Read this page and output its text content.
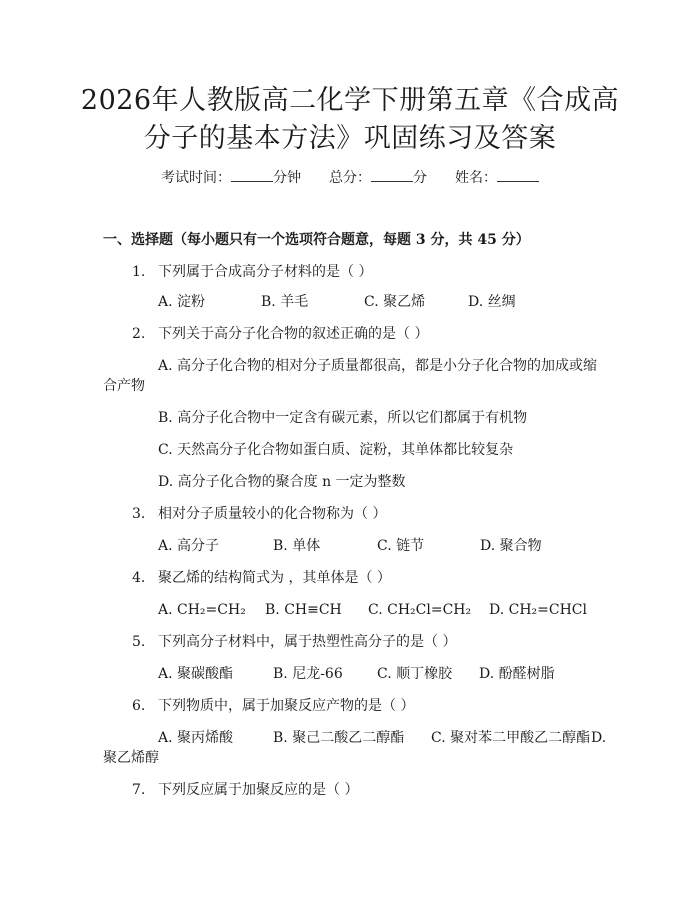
2026年人教版高二化学下册第五章《合成高
分子的基本方法》巩固练习及答案
考试时间：	分钟 总分：	分 姓名：
一、选择题（每小题只有一个选项符合题意，每题 3 分，共 45 分）
1. 下列属于合成高分子材料的是（ ）
A. 淀粉	B. 羊毛	C. 聚乙烯	D. 丝绸
2. 下列关于高分子化合物的叙述正确的是（ ）
A. 高分子化合物的相对分子质量都很高，都是小分子化合物的加成或缩
合产物
B. 高分子化合物中一定含有碳元素，所以它们都属于有机物
C. 天然高分子化合物如蛋白质、淀粉，其单体都比较复杂
D. 高分子化合物的聚合度 n 一定为整数
3. 相对分子质量较小的化合物称为（ ）
A. 高分子	B. 单体	C. 链节	D. 聚合物
4. 聚乙烯的结构简式为 ，其单体是（ ）
A. CH₂=CH₂ B. CH≡CH C. CH₂Cl=CH₂ D. CH₂=CHCl
5. 下列高分子材料中，属于热塑性高分子的是（ ）
A. 聚碳酸酯	B. 尼龙-66 C. 顺丁橡胶 D. 酚醛树脂
6. 下列物质中，属于加聚反应产物的是（ ）
A. 聚丙烯酸	B. 聚己二酸乙二醇酯 C. 聚对苯二甲酸乙二醇酯D.
聚乙烯醇
7. 下列反应属于加聚反应的是（ ）
